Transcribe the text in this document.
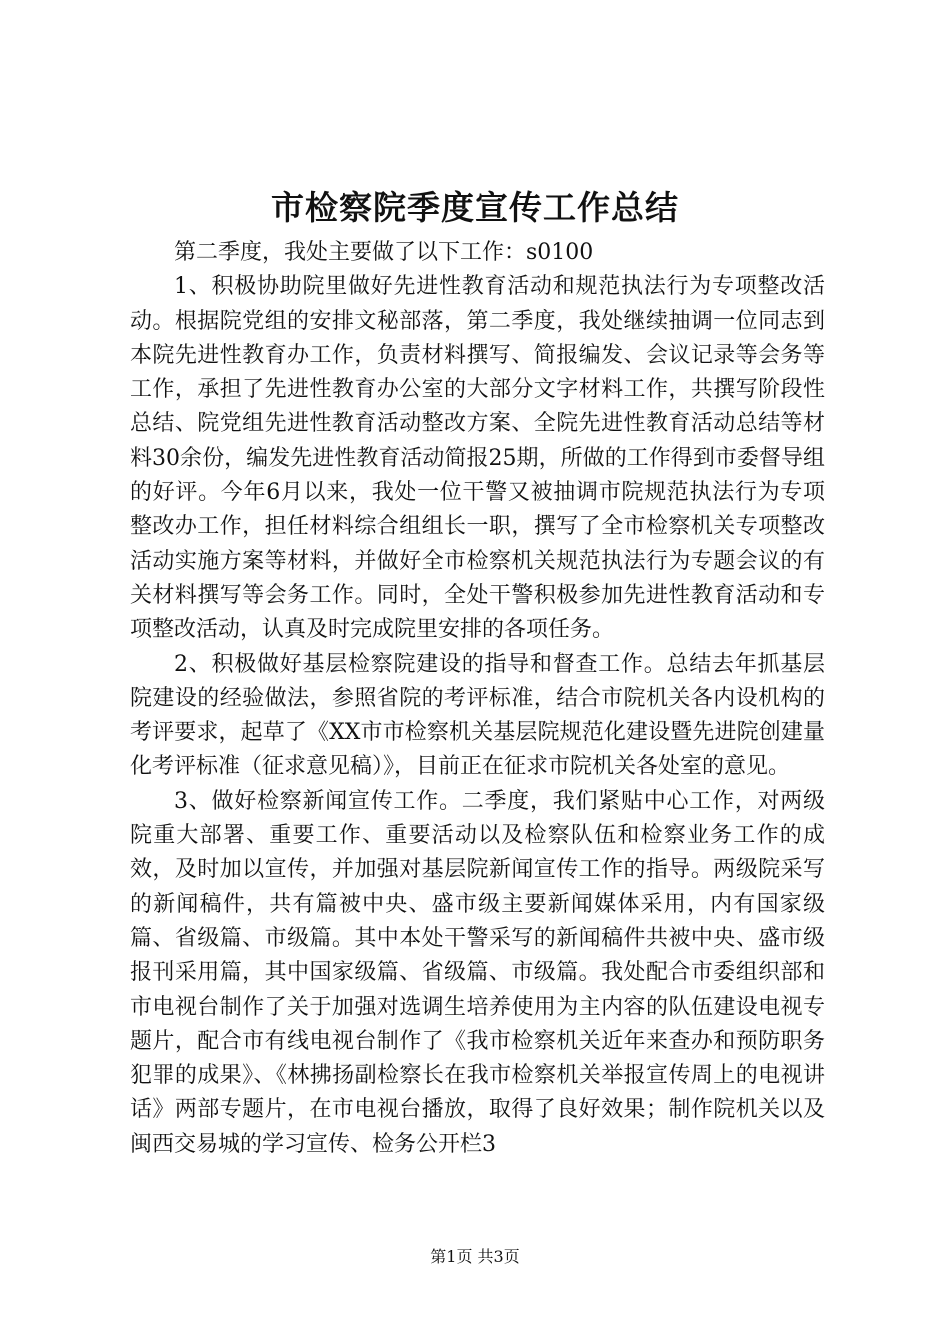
市检察院季度宣传工作总结

第二季度，我处主要做了以下工作：s0100

1、积极协助院里做好先进性教育活动和规范执法行为专项整改活动。根据院党组的安排文秘部落，第二季度，我处继续抽调一位同志到本院先进性教育办工作，负责材料撰写、简报编发、会议记录等会务等工作，承担了先进性教育办公室的大部分文字材料工作，共撰写阶段性总结、院党组先进性教育活动整改方案、全院先进性教育活动总结等材料30余份，编发先进性教育活动简报25期，所做的工作得到市委督导组的好评。今年6月以来，我处一位干警又被抽调市院规范执法行为专项整改办工作，担任材料综合组组长一职，撰写了全市检察机关专项整改活动实施方案等材料，并做好全市检察机关规范执法行为专题会议的有关材料撰写等会务工作。同时，全处干警积极参加先进性教育活动和专项整改活动，认真及时完成院里安排的各项任务。

2、积极做好基层检察院建设的指导和督查工作。总结去年抓基层院建设的经验做法，参照省院的考评标准，结合市院机关各内设机构的考评要求，起草了《XX市市检察机关基层院规范化建设暨先进院创建量化考评标准（征求意见稿）》，目前正在征求市院机关各处室的意见。

3、做好检察新闻宣传工作。二季度，我们紧贴中心工作，对两级院重大部署、重要工作、重要活动以及检察队伍和检察业务工作的成效，及时加以宣传，并加强对基层院新闻宣传工作的指导。两级院采写的新闻稿件，共有篇被中央、盛市级主要新闻媒体采用，内有国家级篇、省级篇、市级篇。其中本处干警采写的新闻稿件共被中央、盛市级报刊采用篇，其中国家级篇、省级篇、市级篇。我处配合市委组织部和市电视台制作了关于加强对选调生培养使用为主内容的队伍建设电视专题片，配合市有线电视台制作了《我市检察机关近年来查办和预防职务犯罪的成果》、《林拂扬副检察长在我市检察机关举报宣传周上的电视讲话》两部专题片，在市电视台播放，取得了良好效果；制作院机关以及闽西交易城的学习宣传、检务公开栏3

第1页 共3页
